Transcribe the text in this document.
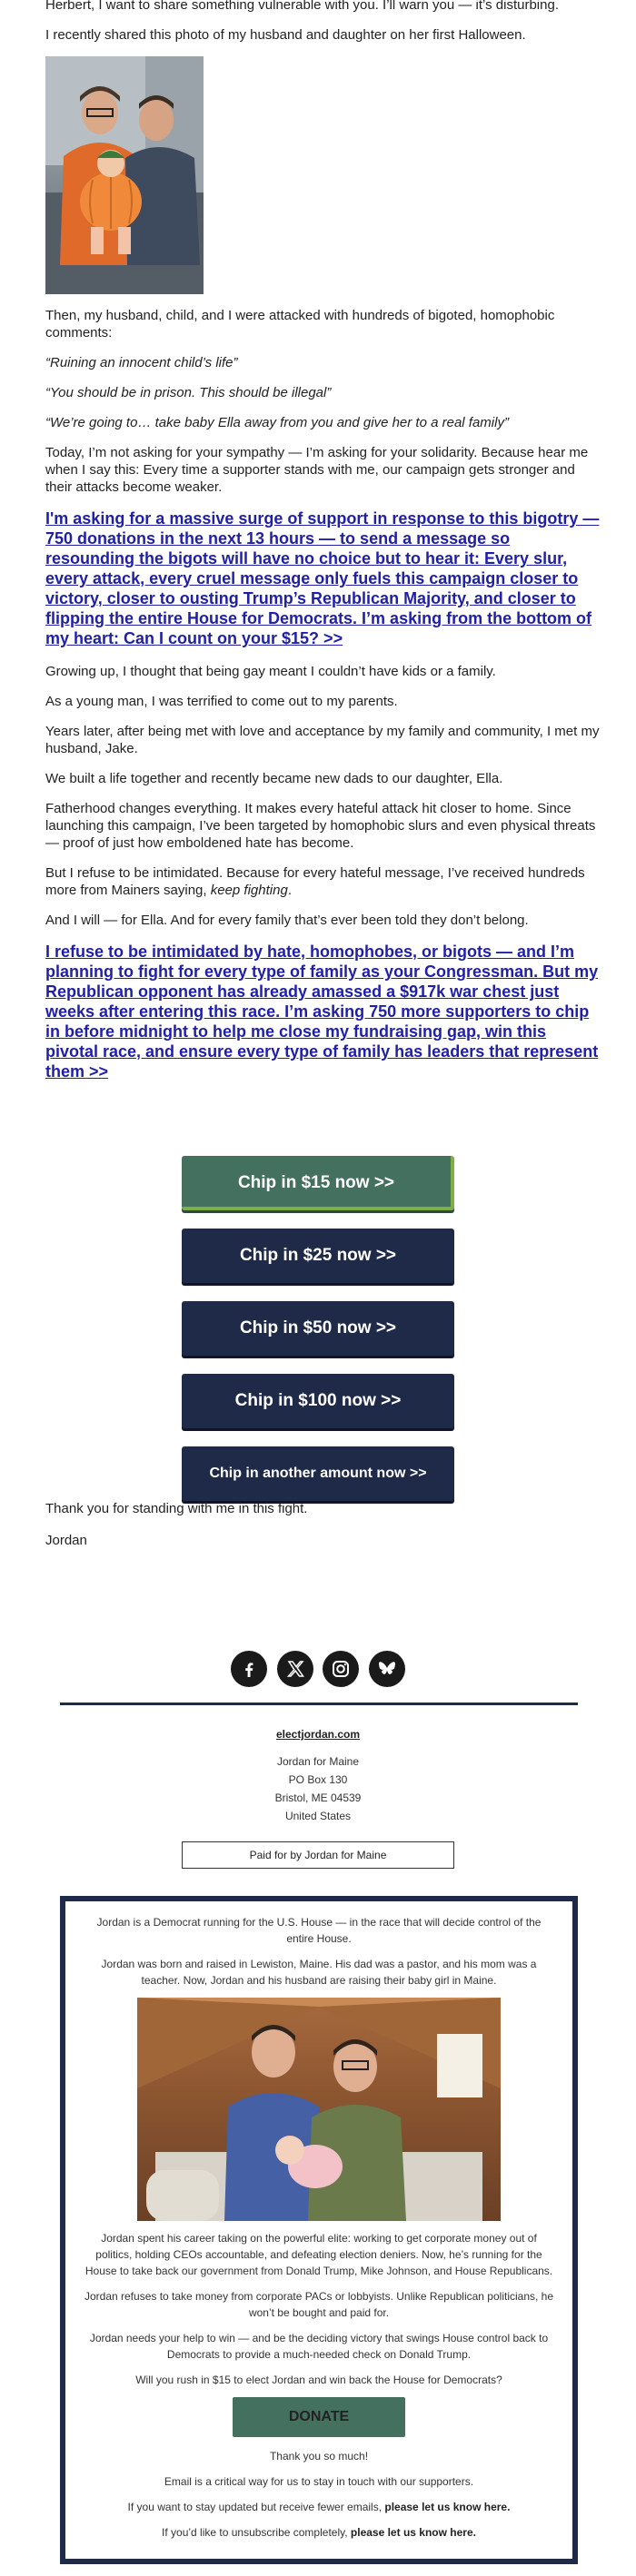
Herbert, I want to share something vulnerable with you. I’ll warn you — it’s disturbing.

I recently shared this photo of my husband and daughter on her first Halloween.

Then, my husband, child, and I were attacked with hundreds of bigoted, homophobic comments:

“Ruining an innocent child’s life”

“You should be in prison. This should be illegal”

“We’re going to… take baby Ella away from you and give her to a real family”

Today, I’m not asking for your sympathy — I’m asking for your solidarity. Because hear me when I say this: Every time a supporter stands with me, our campaign gets stronger and their attacks become weaker.

I'm asking for a massive surge of support in response to this bigotry — 750 donations in the next 13 hours — to send a message so resounding the bigots will have no choice but to hear it: Every slur, every attack, every cruel message only fuels this campaign closer to victory, closer to ousting Trump’s Republican Majority, and closer to flipping the entire House for Democrats. I’m asking from the bottom of my heart: Can I count on your $15? >>

Growing up, I thought that being gay meant I couldn’t have kids or a family.

As a young man, I was terrified to come out to my parents.

Years later, after being met with love and acceptance by my family and community, I met my husband, Jake.

We built a life together and recently became new dads to our daughter, Ella.

Fatherhood changes everything. It makes every hateful attack hit closer to home. Since launching this campaign, I’ve been targeted by homophobic slurs and even physical threats — proof of just how emboldened hate has become.

But I refuse to be intimidated. Because for every hateful message, I’ve received hundreds more from Mainers saying, keep fighting.

And I will — for Ella. And for every family that’s ever been told they don’t belong.

I refuse to be intimidated by hate, homophobes, or bigots — and I’m planning to fight for every type of family as your Congressman. But my Republican opponent has already amassed a $917k war chest just weeks after entering this race. I’m asking 750 more supporters to chip in before midnight to help me close my fundraising gap, win this pivotal race, and ensure every type of family has leaders that represent them >>

Chip in $15 now >>
Chip in $25 now >>
Chip in $50 now >>
Chip in $100 now >>
Chip in another amount now >>

Thank you for standing with me in this fight.

Jordan

electjordan.com
Jordan for Maine
PO Box 130
Bristol, ME 04539
United States
Paid for by Jordan for Maine

Jordan is a Democrat running for the U.S. House — in the race that will decide control of the entire House.

Jordan was born and raised in Lewiston, Maine. His dad was a pastor, and his mom was a teacher. Now, Jordan and his husband are raising their baby girl in Maine.

Jordan spent his career taking on the powerful elite: working to get corporate money out of politics, holding CEOs accountable, and defeating election deniers. Now, he’s running for the House to take back our government from Donald Trump, Mike Johnson, and House Republicans.

Jordan refuses to take money from corporate PACs or lobbyists. Unlike Republican politicians, he won’t be bought and paid for.

Jordan needs your help to win — and be the deciding victory that swings House control back to Democrats to provide a much-needed check on Donald Trump.

Will you rush in $15 to elect Jordan and win back the House for Democrats?

DONATE

Thank you so much!

Email is a critical way for us to stay in touch with our supporters.

If you want to stay updated but receive fewer emails, please let us know here.

If you’d like to unsubscribe completely, please let us know here.
